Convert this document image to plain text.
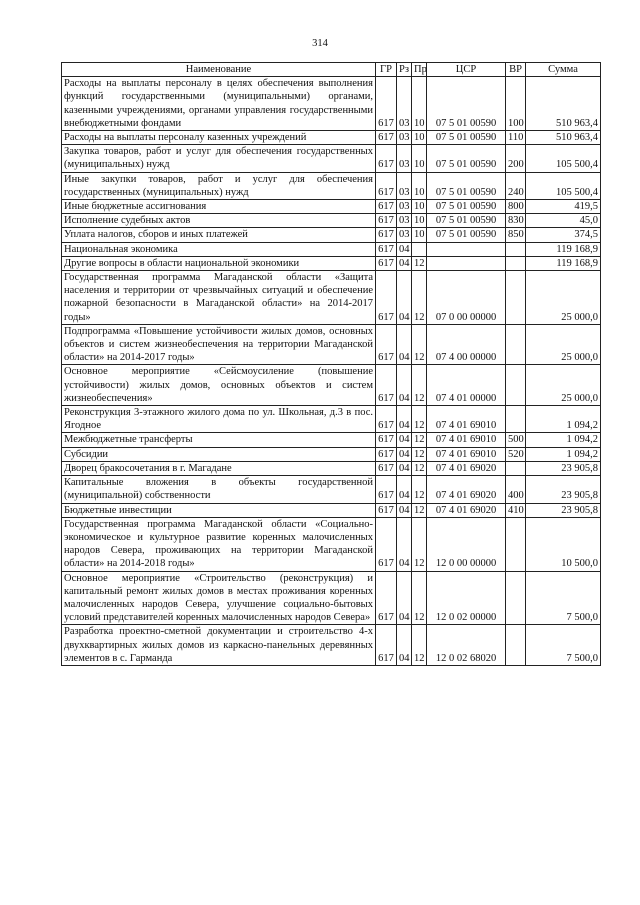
314
Наименование	ГР	Рз	Пр	ЦСР	ВР	Сумма
Расходы на выплаты персоналу в целях обеспечения выполнения функций государственными (муниципальными) органами, казенными учреждениями, органами управления государственными внебюджетными фондами	617	03	10	07 5 01 00590	100	510 963,4
Расходы на выплаты персоналу казенных учреждений	617	03	10	07 5 01 00590	110	510 963,4
Закупка товаров, работ и услуг для обеспечения государственных (муниципальных) нужд	617	03	10	07 5 01 00590	200	105 500,4
Иные закупки товаров, работ и услуг для обеспечения государственных (муниципальных) нужд	617	03	10	07 5 01 00590	240	105 500,4
Иные бюджетные ассигнования	617	03	10	07 5 01 00590	800	419,5
Исполнение судебных актов	617	03	10	07 5 01 00590	830	45,0
Уплата налогов, сборов и иных платежей	617	03	10	07 5 01 00590	850	374,5
Национальная экономика	617	04				119 168,9
Другие вопросы в области национальной экономики	617	04	12			119 168,9
Государственная программа Магаданской области «Защита населения и территории от чрезвычайных ситуаций и обеспечение пожарной безопасности в Магаданской области» на 2014-2017 годы»	617	04	12	07 0 00 00000		25 000,0
Подпрограмма «Повышение устойчивости жилых домов, основных объектов и систем жизнеобеспечения на территории Магаданской области» на 2014-2017 годы»	617	04	12	07 4 00 00000		25 000,0
Основное мероприятие «Сейсмоусиление (повышение устойчивости) жилых домов, основных объектов и систем жизнеобеспечения»	617	04	12	07 4 01 00000		25 000,0
Реконструкция 3-этажного жилого дома по ул. Школьная, д.3 в пос. Ягодное	617	04	12	07 4 01 69010		1 094,2
Межбюджетные трансферты	617	04	12	07 4 01 69010	500	1 094,2
Субсидии	617	04	12	07 4 01 69010	520	1 094,2
Дворец бракосочетания в г. Магадане	617	04	12	07 4 01 69020		23 905,8
Капитальные вложения в объекты государственной (муниципальной) собственности	617	04	12	07 4 01 69020	400	23 905,8
Бюджетные инвестиции	617	04	12	07 4 01 69020	410	23 905,8
Государственная программа Магаданской области «Социально-экономическое и культурное развитие коренных малочисленных народов Севера, проживающих на территории Магаданской области» на 2014-2018 годы»	617	04	12	12 0 00 00000		10 500,0
Основное мероприятие «Строительство (реконструкция) и капитальный ремонт жилых домов в местах проживания коренных малочисленных народов Севера, улучшение социально-бытовых условий представителей коренных малочисленных народов Севера»	617	04	12	12 0 02 00000		7 500,0
Разработка проектно-сметной документации и строительство 4-х двухквартирных жилых домов из каркасно-панельных деревянных элементов в с. Гарманда	617	04	12	12 0 02 68020		7 500,0
